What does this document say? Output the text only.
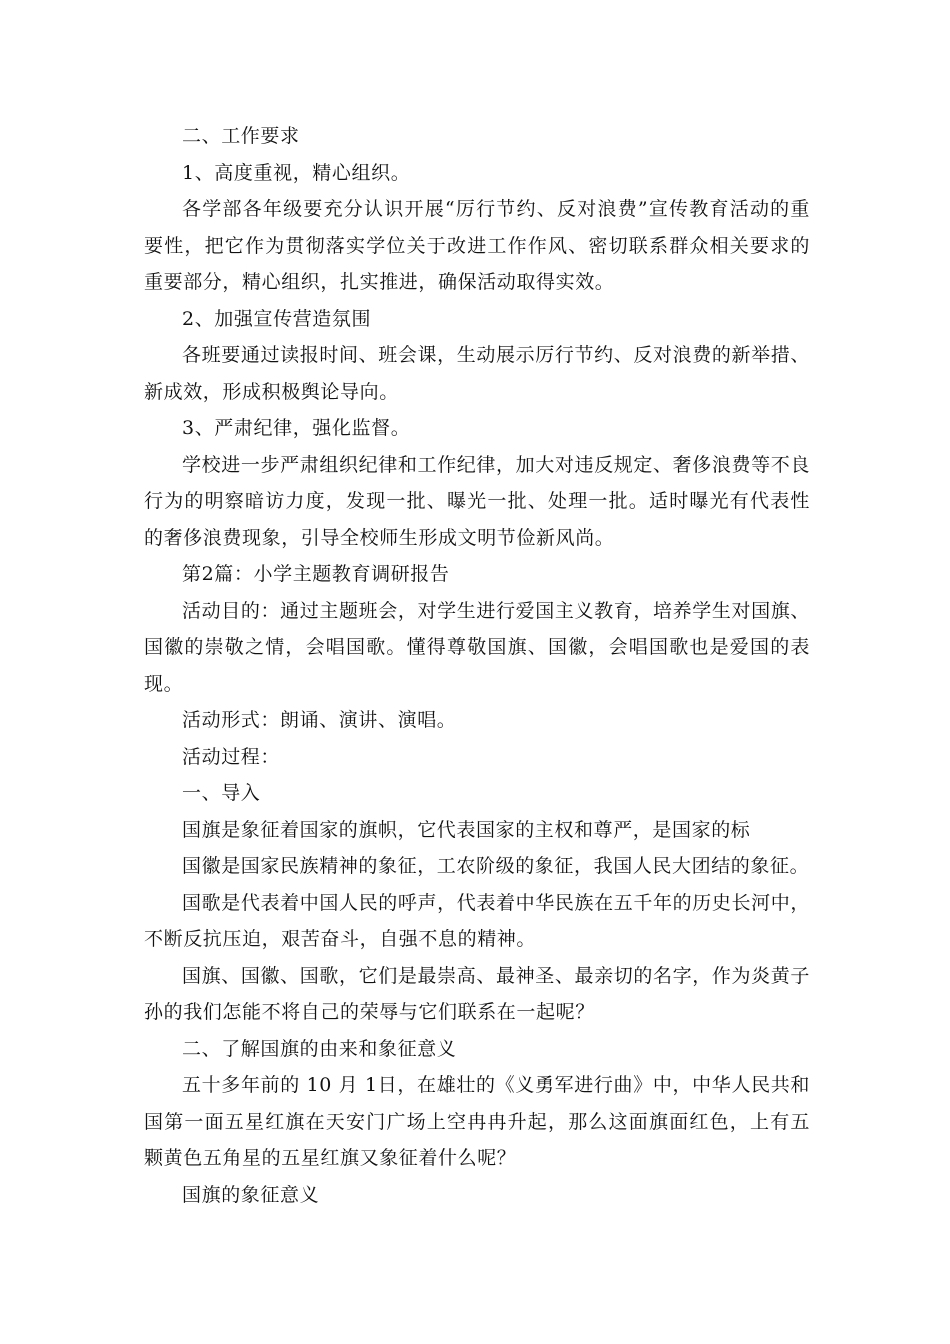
二、工作要求

1、高度重视，精心组织。

各学部各年级要充分认识开展“厉行节约、反对浪费”宣传教育活动的重要性，把它作为贯彻落实学位关于改进工作作风、密切联系群众相关要求的重要部分，精心组织，扎实推进，确保活动取得实效。

2、加强宣传营造氛围

各班要通过读报时间、班会课，生动展示厉行节约、反对浪费的新举措、新成效，形成积极舆论导向。

3、严肃纪律，强化监督。

学校进一步严肃组织纪律和工作纪律，加大对违反规定、奢侈浪费等不良行为的明察暗访力度，发现一批、曝光一批、处理一批。适时曝光有代表性的奢侈浪费现象，引导全校师生形成文明节俭新风尚。

第2篇：小学主题教育调研报告

活动目的：通过主题班会，对学生进行爱国主义教育，培养学生对国旗、国徽的崇敬之情，会唱国歌。懂得尊敬国旗、国徽，会唱国歌也是爱国的表现。

活动形式：朗诵、演讲、演唱。

活动过程：

一、导入

国旗是象征着国家的旗帜，它代表国家的主权和尊严，是国家的标

国徽是国家民族精神的象征，工农阶级的象征，我国人民大团结的象征。

国歌是代表着中国人民的呼声，代表着中华民族在五千年的历史长河中，不断反抗压迫，艰苦奋斗，自强不息的精神。

国旗、国徽、国歌，它们是最崇高、最神圣、最亲切的名字，作为炎黄子孙的我们怎能不将自己的荣辱与它们联系在一起呢？

二、了解国旗的由来和象征意义

五十多年前的 10 月 1日，在雄壮的《义勇军进行曲》中，中华人民共和国第一面五星红旗在天安门广场上空冉冉升起，那么这面旗面红色，上有五颗黄色五角星的五星红旗又象征着什么呢？

国旗的象征意义
